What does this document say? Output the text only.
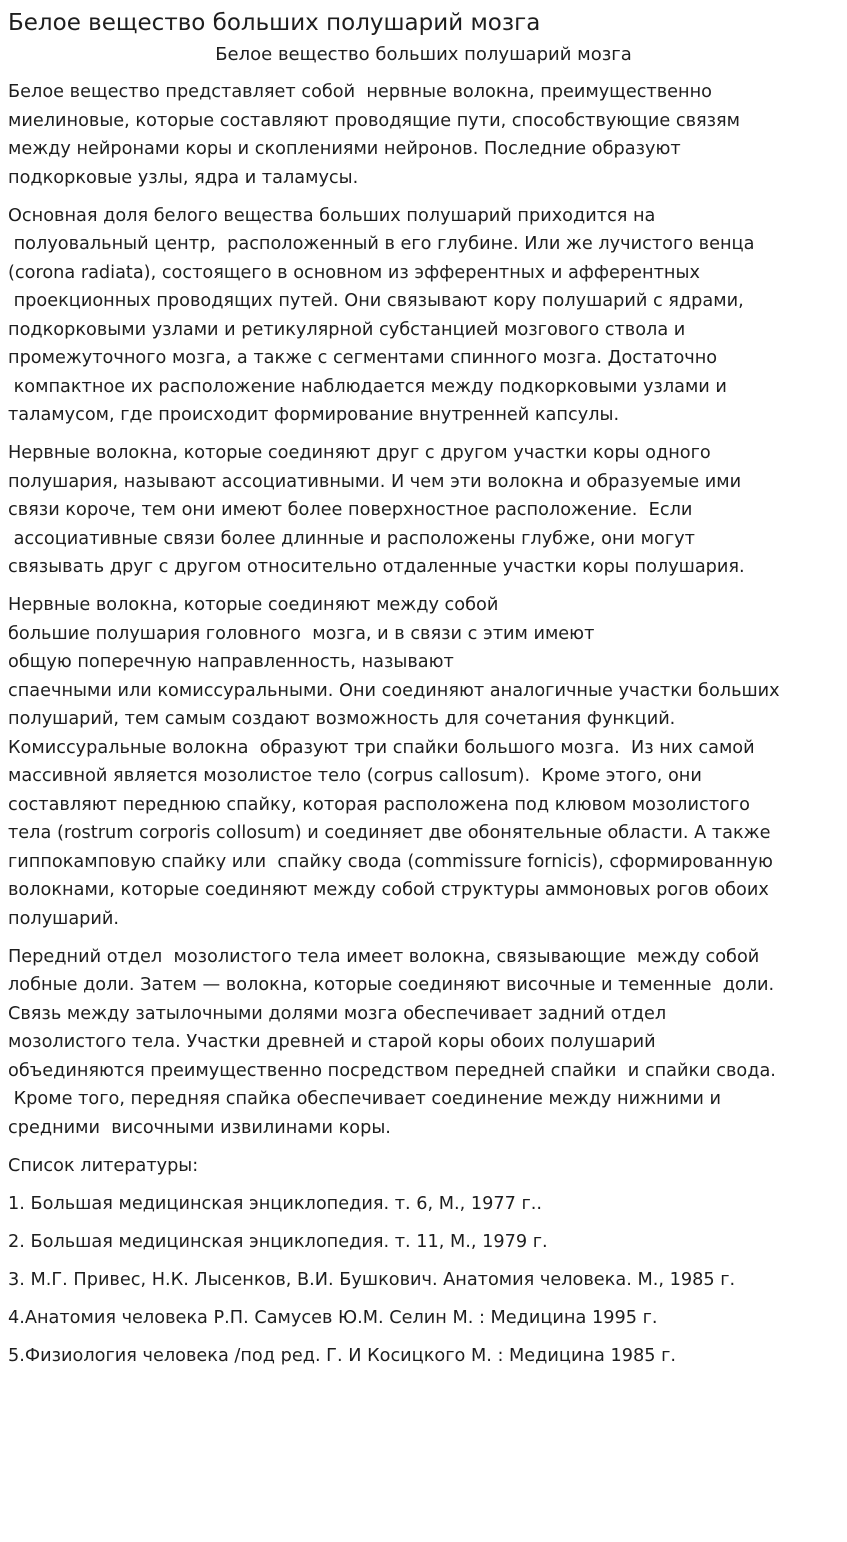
Белое вещество больших полушарий мозга
Белое вещество больших полушарий мозга

Белое вещество представляет собой  нервные волокна, преимущественно
миелиновые, которые составляют проводящие пути, способствующие связям
между нейронами коры и скоплениями нейронов. Последние образуют
подкорковые узлы, ядра и таламусы.

Основная доля белого вещества больших полушарий приходится на
полуовальный центр,  расположенный в его глубине. Или же лучистого венца
(corona radiata), состоящего в основном из эфферентных и афферентных
проекционных проводящих путей. Они связывают кору полушарий с ядрами,
подкорковыми узлами и ретикулярной субстанцией мозгового ствола и
промежуточного мозга, а также с сегментами спинного мозга. Достаточно
компактное их расположение наблюдается между подкорковыми узлами и
таламусом, где происходит формирование внутренней капсулы.

Нервные волокна, которые соединяют друг с другом участки коры одного
полушария, называют ассоциативными. И чем эти волокна и образуемые ими
связи короче, тем они имеют более поверхностное расположение.  Если
ассоциативные связи более длинные и расположены глубже, они могут
связывать друг с другом относительно отдаленные участки коры полушария.

Нервные волокна, которые соединяют между собой
большие полушария головного  мозга, и в связи с этим имеют
общую поперечную направленность, называют
спаечными или комиссуральными. Они соединяют аналогичные участки больших
полушарий, тем самым создают возможность для сочетания функций.
Комиссуральные волокна  образуют три спайки большого мозга.  Из них самой
массивной является мозолистое тело (corpus callosum).  Кроме этого, они
составляют переднюю спайку, которая расположена под клювом мозолистого
тела (rostrum corporis collosum) и соединяет две обонятельные области. А также
гиппокамповую спайку или  спайку свода (commissure fornicis), сформированную
волокнами, которые соединяют между собой структуры аммоновых рогов обоих
полушарий.

Передний отдел  мозолистого тела имеет волокна, связывающие  между собой
лобные доли. Затем — волокна, которые соединяют височные и теменные  доли.
Связь между затылочными долями мозга обеспечивает задний отдел
мозолистого тела. Участки древней и старой коры обоих полушарий
объединяются преимущественно посредством передней спайки  и спайки свода.
Кроме того, передняя спайка обеспечивает соединение между нижними и
средними  височными извилинами коры.

Список литературы:

1. Большая медицинская энциклопедия. т. 6, М., 1977 г..

2. Большая медицинская энциклопедия. т. 11, М., 1979 г.

3. М.Г. Привес, Н.К. Лысенков, В.И. Бушкович. Анатомия человека. М., 1985 г.

4.Анатомия человека Р.П. Самусев Ю.М. Селин М. : Медицина 1995 г.

5.Физиология человека /под ред. Г. И Косицкого М. : Медицина 1985 г.
